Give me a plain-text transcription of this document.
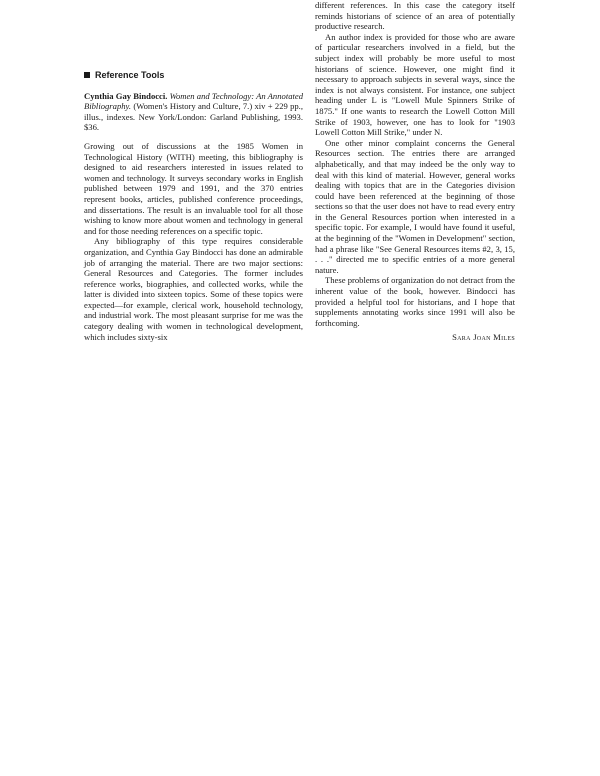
Reference Tools

Cynthia Gay Bindocci. Women and Technology: An Annotated Bibliography. (Women's History and Culture, 7.) xiv + 229 pp., illus., indexes. New York/London: Garland Publishing, 1993. $36.

Growing out of discussions at the 1985 Women in Technological History (WITH) meeting, this bibliography is designed to aid researchers interested in issues related to women and technology. It surveys secondary works in English published between 1979 and 1991, and the 370 entries represent books, articles, published conference proceedings, and dissertations. The result is an invaluable tool for all those wishing to know more about women and technology in general and for those needing references on a specific topic.

Any bibliography of this type requires considerable organization, and Cynthia Gay Bindocci has done an admirable job of arranging the material. There are two major sections: General Resources and Categories. The former includes reference works, biographies, and collected works, while the latter is divided into sixteen topics. Some of these topics were expected—for example, clerical work, household technology, and industrial work. The most pleasant surprise for me was the category dealing with women in technological development, which includes sixty-six

different references. In this case the category itself reminds historians of science of an area of potentially productive research.

An author index is provided for those who are aware of particular researchers involved in a field, but the subject index will probably be more useful to most historians of science. However, one might find it necessary to approach subjects in several ways, since the index is not always consistent. For instance, one subject heading under L is "Lowell Mule Spinners Strike of 1875." If one wants to research the Lowell Cotton Mill Strike of 1903, however, one has to look for "1903 Lowell Cotton Mill Strike," under N.

One other minor complaint concerns the General Resources section. The entries there are arranged alphabetically, and that may indeed be the only way to deal with this kind of material. However, general works dealing with topics that are in the Categories division could have been referenced at the beginning of those sections so that the user does not have to read every entry in the General Resources portion when interested in a specific topic. For example, I would have found it useful, at the beginning of the "Women in Development" section, had a phrase like "See General Resources items #2, 3, 15, . . ." directed me to specific entries of a more general nature.

These problems of organization do not detract from the inherent value of the book, however. Bindocci has provided a helpful tool for historians, and I hope that supplements annotating works since 1991 will also be forthcoming.

Sara Joan Miles
